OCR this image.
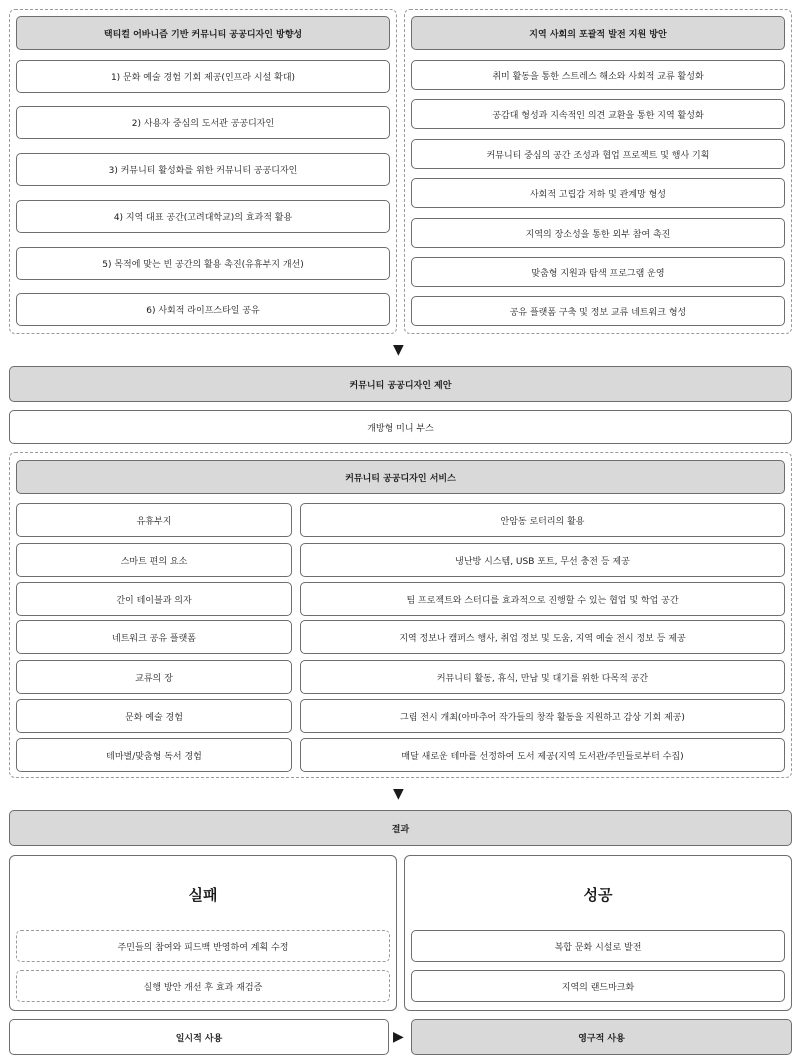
택티컬 어바니즘 기반 커뮤니티 공공디자인 방향성
1) 문화 예술 경험 기회 제공(인프라 시설 확대)
2) 사용자 중심의 도서관 공공디자인
3) 커뮤니티 활성화를 위한 커뮤니티 공공디자인
4) 지역 대표 공간(고려대학교)의 효과적 활용
5) 목적에 맞는 빈 공간의 활용 촉진(유휴부지 개선)
6) 사회적 라이프스타일 공유
지역 사회의 포괄적 발전 지원 방안
취미 활동을 통한 스트레스 해소와 사회적 교류 활성화
공감대 형성과 지속적인 의견 교환을 통한 지역 활성화
커뮤니티 중심의 공간 조성과 협업 프로젝트 및 행사 기획
사회적 고립감 저하 및 관계망 형성
지역의 장소성을 통한 외부 참여 촉진
맞춤형 지원과 탐색 프로그램 운영
공유 플랫폼 구축 및 정보 교류 네트워크 형성
▼
커뮤니티 공공디자인 제안
개방형 미니 부스
커뮤니티 공공디자인 서비스
유휴부지	안암동 로터리의 활용
스마트 편의 요소	냉난방 시스템, USB 포트, 무선 충전 등 제공
간이 테이블과 의자	팀 프로젝트와 스터디를 효과적으로 진행할 수 있는 협업 및 학업 공간
네트워크 공유 플랫폼	지역 정보나 캠퍼스 행사, 취업 정보 및 도움, 지역 예술 전시 정보 등 제공
교류의 장	커뮤니티 활동, 휴식, 만남 및 대기를 위한 다목적 공간
문화 예술 경험	그림 전시 개최(아마추어 작가들의 창작 활동을 지원하고 감상 기회 제공)
테마별/맞춤형 독서 경험	매달 새로운 테마를 선정하여 도서 제공(지역 도서관/주민들로부터 수집)
▼
결과
실패
주민들의 참여와 피드백 반영하여 계획 수정
실행 방안 개선 후 효과 재검증
성공
복합 문화 시설로 발전
지역의 랜드마크화
일시적 사용	▶	영구적 사용
